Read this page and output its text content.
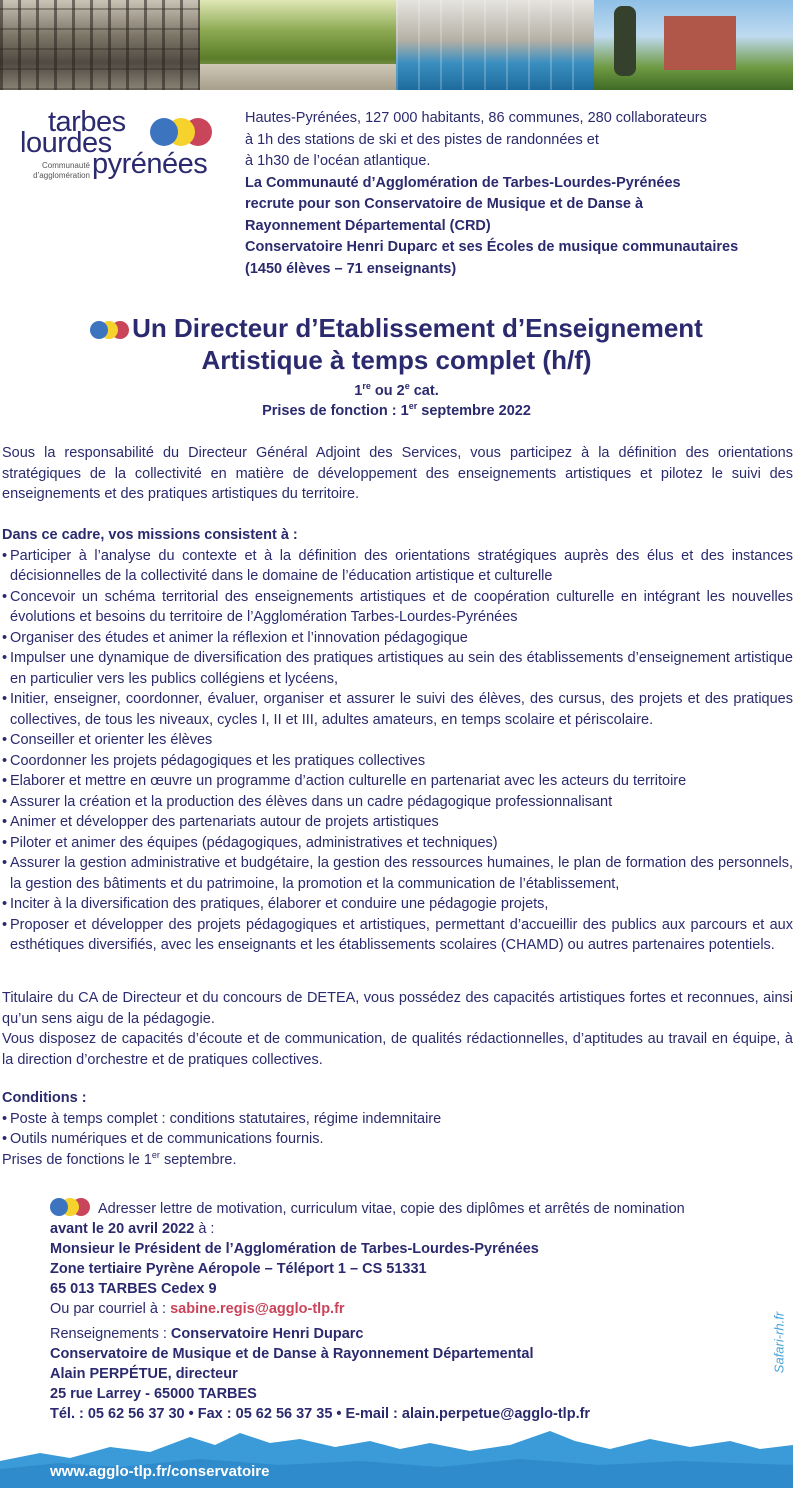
tarbes
lourdes
pyrénées
Communauté
d’agglomération

Hautes-Pyrénées, 127 000 habitants, 86 communes, 280 collaborateurs

à 1h des stations de ski et des pistes de randonnées et

à 1h30 de l’océan atlantique.

La Communauté d’Agglomération de Tarbes-Lourdes-Pyrénées

recrute pour son Conservatoire de Musique et de Danse à

Rayonnement Départemental (CRD)

Conservatoire Henri Duparc et ses Écoles de musique communautaires

(1450 élèves – 71 enseignants)

Un Directeur d’Etablissement d’Enseignement
Artistique à temps complet (h/f)
1re ou 2e cat.
Prises de fonction : 1er septembre 2022

Sous la responsabilité du Directeur Général Adjoint des Services, vous participez à la définition des orientations stratégiques de la collectivité en matière de développement des enseignements artistiques et pilotez le suivi des enseignements et des pratiques artistiques du territoire.

Dans ce cadre, vos missions consistent à :

• Participer à l’analyse du contexte et à la définition des orientations stratégiques auprès des élus et des instances décisionnelles de la collectivité dans le domaine de l’éducation artistique et culturelle
• Concevoir un schéma territorial des enseignements artistiques et de coopération culturelle en intégrant les nouvelles évolutions et besoins du territoire de l’Agglomération Tarbes-Lourdes-Pyrénées
• Organiser des études et animer la réflexion et l’innovation pédagogique
• Impulser une dynamique de diversification des pratiques artistiques au sein des établissements d’enseignement artistique en particulier vers les publics collégiens et lycéens,
• Initier, enseigner, coordonner, évaluer, organiser et assurer le suivi des élèves, des cursus, des projets et des pratiques collectives, de tous les niveaux, cycles I, II et III, adultes amateurs, en temps scolaire et périscolaire.
• Conseiller et orienter les élèves
• Coordonner les projets pédagogiques et les pratiques collectives
• Elaborer et mettre en œuvre un programme d’action culturelle en partenariat avec les acteurs du territoire
• Assurer la création et la production des élèves dans un cadre pédagogique professionnalisant
• Animer et développer des partenariats autour de projets artistiques
• Piloter et animer des équipes (pédagogiques, administratives et techniques)
• Assurer la gestion administrative et budgétaire, la gestion des ressources humaines, le plan de formation des personnels, la gestion des bâtiments et du patrimoine, la promotion et la communication de l’établissement,
• Inciter à la diversification des pratiques, élaborer et conduire une pédagogie projets,
• Proposer et développer des projets pédagogiques et artistiques, permettant d’accueillir des publics aux parcours et aux esthétiques diversifiés, avec les enseignants et les établissements scolaires (CHAMD) ou autres partenaires potentiels.

Titulaire du CA de Directeur et du concours de DETEA, vous possédez des capacités artistiques fortes et reconnues, ainsi qu’un sens aigu de la pédagogie.

Vous disposez de capacités d’écoute et de communication, de qualités rédactionnelles, d’aptitudes au travail en équipe, à la direction d’orchestre et de pratiques collectives.

Conditions :

• Poste à temps complet : conditions statutaires, régime indemnitaire
• Outils numériques et de communications fournis.

Prises de fonctions le 1er septembre.

Adresser lettre de motivation, curriculum vitae, copie des diplômes et arrêtés de nomination

avant le 20 avril 2022 à :

Monsieur le Président de l’Agglomération de Tarbes-Lourdes-Pyrénées

Zone tertiaire Pyrène Aéropole – Téléport 1 – CS 51331

65 013 TARBES Cedex 9

Ou par courriel à : sabine.regis@agglo-tlp.fr

Renseignements : Conservatoire Henri Duparc

Conservatoire de Musique et de Danse à Rayonnement Départemental

Alain PERPÉTUE, directeur

25 rue Larrey - 65000 TARBES

Tél. : 05 62 56 37 30 • Fax : 05 62 56 37 35 • E-mail : alain.perpetue@agglo-tlp.fr

Safari-rh.fr
www.agglo-tlp.fr/conservatoire
